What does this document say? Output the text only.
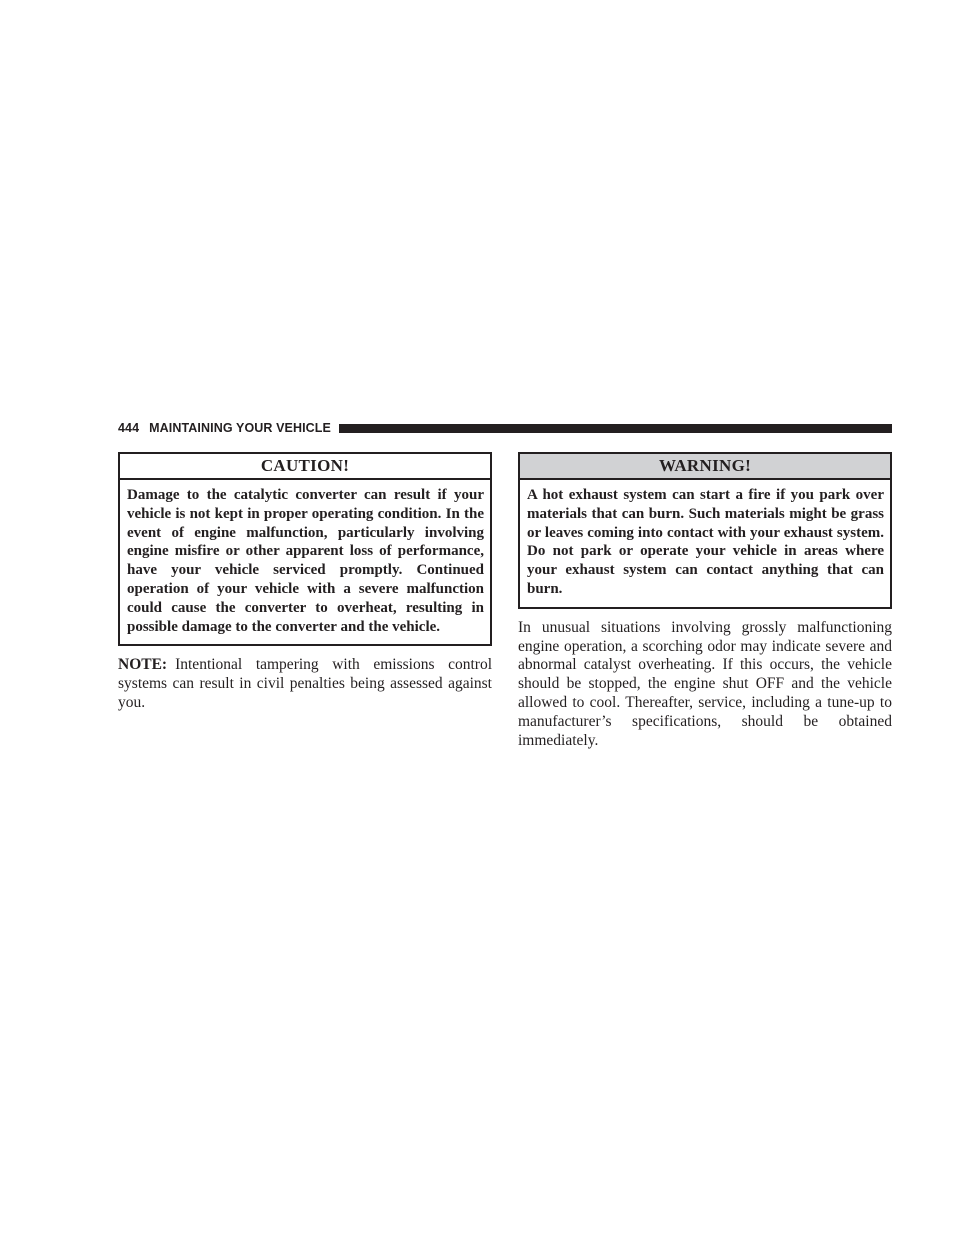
444 MAINTAINING YOUR VEHICLE
CAUTION!
Damage to the catalytic converter can result if your vehicle is not kept in proper operating condition. In the event of engine malfunction, particularly involving engine misfire or other apparent loss of performance, have your vehicle serviced promptly. Continued operation of your vehicle with a severe malfunction could cause the converter to overheat, resulting in possible damage to the converter and the vehicle.

NOTE: Intentional tampering with emissions control systems can result in civil penalties being assessed against you.

WARNING!
A hot exhaust system can start a fire if you park over materials that can burn. Such materials might be grass or leaves coming into contact with your exhaust system. Do not park or operate your vehicle in areas where your exhaust system can contact anything that can burn.

In unusual situations involving grossly malfunctioning engine operation, a scorching odor may indicate severe and abnormal catalyst overheating. If this occurs, the vehicle should be stopped, the engine shut OFF and the vehicle allowed to cool. Thereafter, service, including a tune-up to manufacturer’s specifications, should be obtained immediately.
